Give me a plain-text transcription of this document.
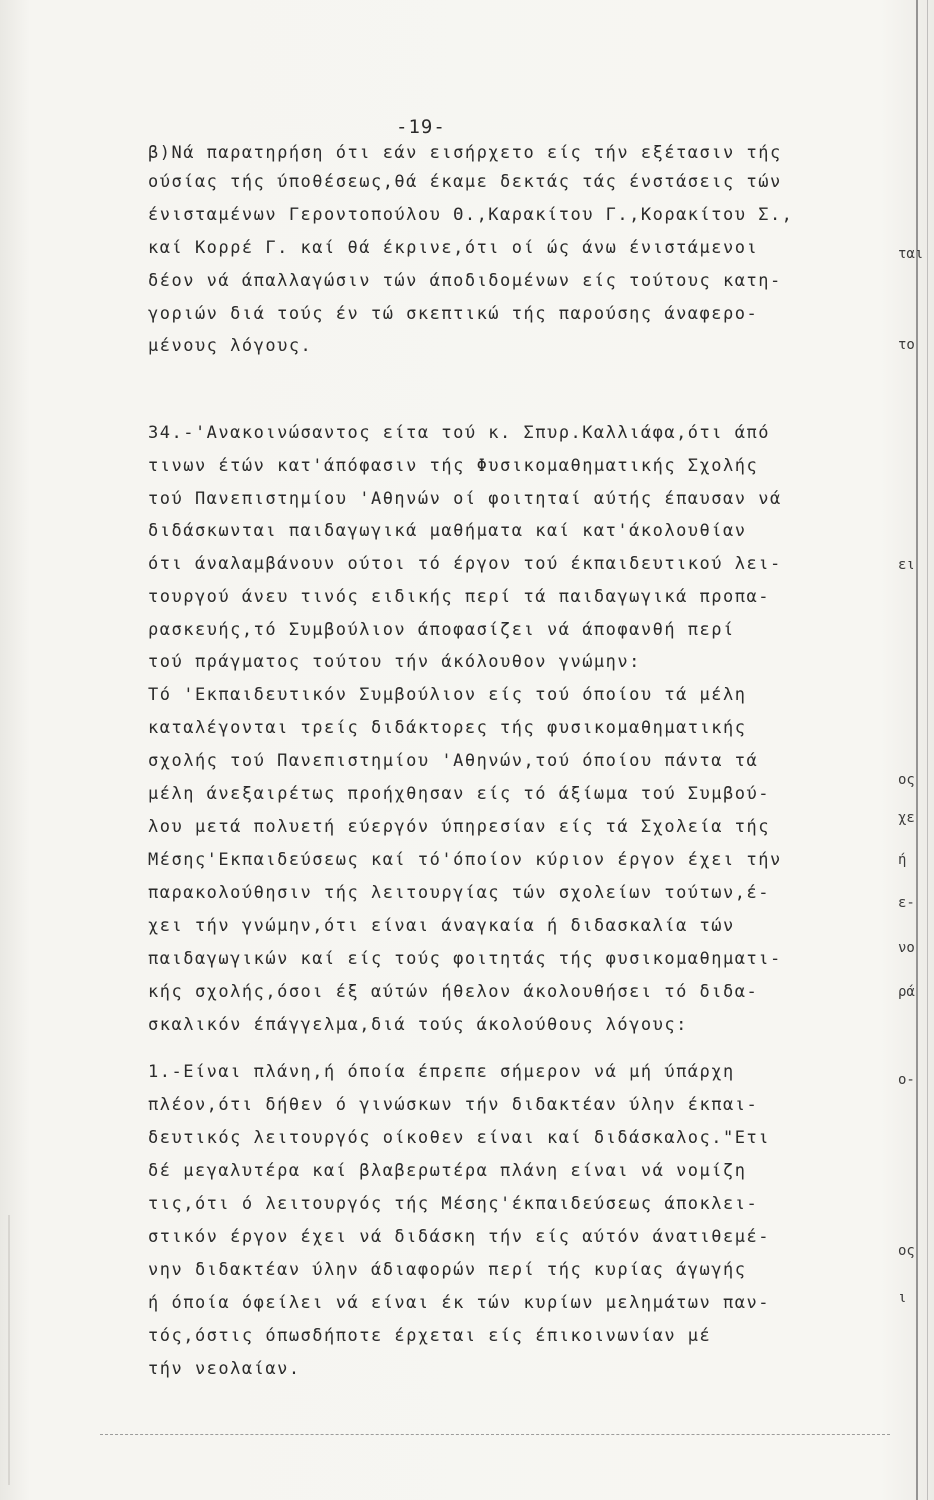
-19-
β)Νά παρατηρήση ότι εάν εισήρχετο είς τήν εξέτασιν τής
ούσίας τής ύποθέσεως,θά έκαμε δεκτάς τάς ένστάσεις τών
ένισταμένων Γεροντοπούλου Θ.,Καρακίτου Γ.,Κορακίτου Σ.,
καί Κορρέ Γ. καί θά έκρινε,ότι οί ώς άνω ένιστάμενοι
δέον νά άπαλλαγώσιν τών άποδιδομένων είς τούτους κατη-
γοριών διά τούς έν τώ σκεπτικώ τής παρούσης άναφερο-
μένους λόγους.
34.-'Ανακοινώσαντος είτα τού κ. Σπυρ.Καλλιάφα,ότι άπό
τινων έτών κατ'άπόφασιν τής Φυσικομαθηματικής Σχολής
τού Πανεπιστημίου 'Αθηνών οί φοιτηταί αύτής έπαυσαν νά
διδάσκωνται παιδαγωγικά μαθήματα καί κατ'άκολουθίαν
ότι άναλαμβάνουν ούτοι τό έργον τού έκπαιδευτικού λει-
τουργού άνευ τινός ειδικής περί τά παιδαγωγικά προπα-
ρασκευής,τό Συμβούλιον άποφασίζει νά άποφανθή περί
τού πράγματος τούτου τήν άκόλουθον γνώμην:
Τό 'Εκπαιδευτικόν Συμβούλιον είς τού όποίου τά μέλη
καταλέγονται τρείς διδάκτορες τής φυσικομαθηματικής
σχολής τού Πανεπιστημίου 'Αθηνών,τού όποίου πάντα τά
μέλη άνεξαιρέτως προήχθησαν είς τό άξίωμα τού Συμβού-
λου μετά πολυετή εύεργόν ύπηρεσίαν είς τά Σχολεία τής
Μέσης'Εκπαιδεύσεως καί τό'όποίον κύριον έργον έχει τήν
παρακολούθησιν τής λειτουργίας τών σχολείων τούτων,έ-
χει τήν γνώμην,ότι είναι άναγκαία ή διδασκαλία τών
παιδαγωγικών καί είς τούς φοιτητάς τής φυσικομαθηματι-
κής σχολής,όσοι έξ αύτών ήθελον άκολουθήσει τό διδα-
σκαλικόν έπάγγελμα,διά τούς άκολούθους λόγους:
1.-Είναι πλάνη,ή όποία έπρεπε σήμερον νά μή ύπάρχη
πλέον,ότι δήθεν ό γινώσκων τήν διδακτέαν ύλην έκπαι-
δευτικός λειτουργός οίκοθεν είναι καί διδάσκαλος."Ετι
δέ μεγαλυτέρα καί βλαβερωτέρα πλάνη είναι νά νομίζη
τις,ότι ό λειτουργός τής Μέσης'έκπαιδεύσεως άποκλει-
στικόν έργον έχει νά διδάσκη τήν είς αύτόν άνατιθεμέ-
νην διδακτέαν ύλην άδιαφορών περί τής κυρίας άγωγής
ή όποία όφείλει νά είναι έκ τών κυρίων μελημάτων παν-
τός,όστις όπωσδήποτε έρχεται είς έπικοινωνίαν μέ
τήν νεολαίαν.
ται
το
ει
ος
χε
ή
ε-
νο
ρά
ο-
ος
ι
